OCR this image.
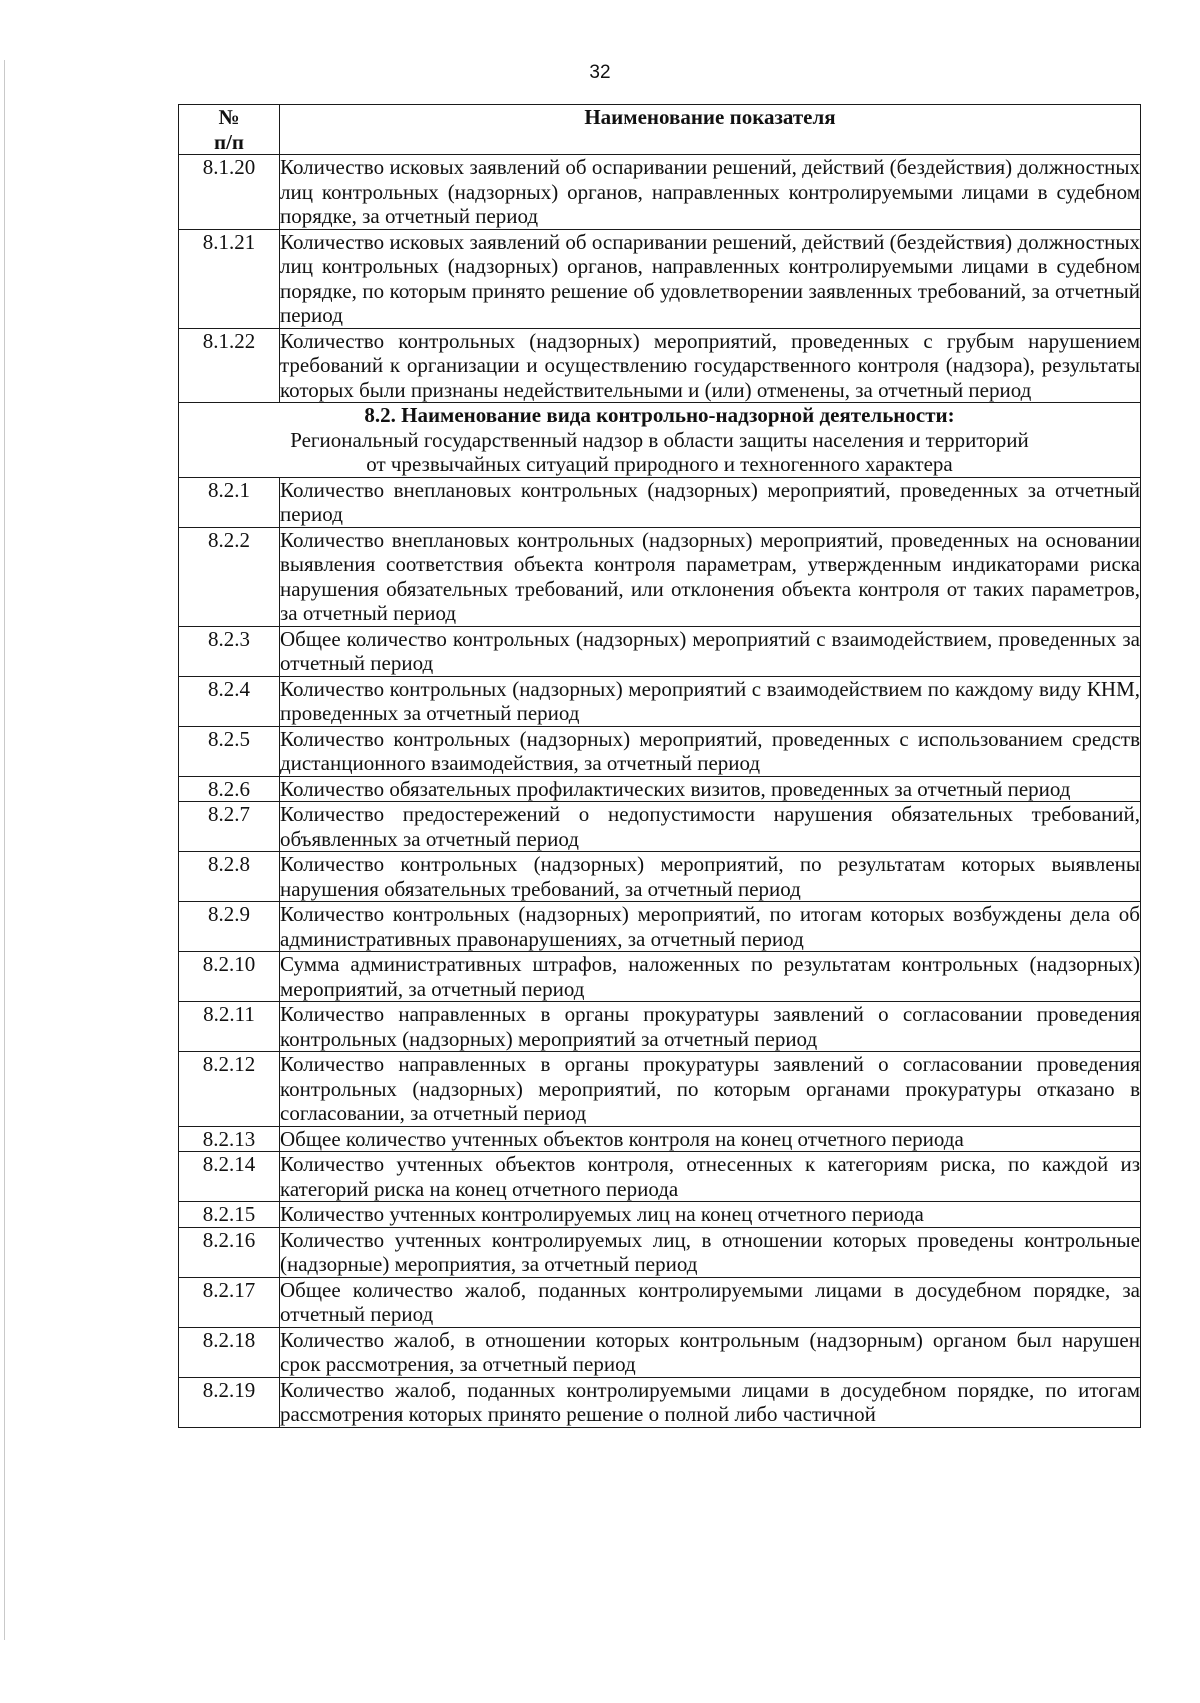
32
№
п/п	Наименование показателя
8.1.20	Количество исковых заявлений об оспаривании решений, действий (бездействия) должностных лиц контрольных (надзорных) органов, направленных контролируемыми лицами в судебном порядке, за отчетный период
8.1.21	Количество исковых заявлений об оспаривании решений, действий (бездействия) должностных лиц контрольных (надзорных) органов, направленных контролируемыми лицами в судебном порядке, по которым принято решение об удовлетворении заявленных требований, за отчетный период
8.1.22	Количество контрольных (надзорных) мероприятий, проведенных с грубым нарушением требований к организации и осуществлению государственного контроля (надзора), результаты которых были признаны недействительными и (или) отменены, за отчетный период

8.2. Наименование вида контрольно-надзорной деятельности:
Региональный государственный надзор в области защиты населения и территорий
от чрезвычайных ситуаций природного и техногенного характера	

8.2.1	Количество внеплановых контрольных (надзорных) мероприятий, проведенных за отчетный период
8.2.2	Количество внеплановых контрольных (надзорных) мероприятий, проведенных на основании выявления соответствия объекта контроля параметрам, утвержденным индикаторами риска нарушения обязательных требований, или отклонения объекта контроля от таких параметров, за отчетный период
8.2.3	Общее количество контрольных (надзорных) мероприятий с взаимодействием, проведенных за отчетный период
8.2.4	Количество контрольных (надзорных) мероприятий с взаимодействием по каждому виду КНМ, проведенных за отчетный период
8.2.5	Количество контрольных (надзорных) мероприятий, проведенных с использованием средств дистанционного взаимодействия, за отчетный период
8.2.6	Количество обязательных профилактических визитов, проведенных за отчетный период
8.2.7	Количество предостережений о недопустимости нарушения обязательных требований, объявленных за отчетный период
8.2.8	Количество контрольных (надзорных) мероприятий, по результатам которых выявлены нарушения обязательных требований, за отчетный период
8.2.9	Количество контрольных (надзорных) мероприятий, по итогам которых возбуждены дела об административных правонарушениях, за отчетный период
8.2.10	Сумма административных штрафов, наложенных по результатам контрольных (надзорных) мероприятий, за отчетный период
8.2.11	Количество направленных в органы прокуратуры заявлений о согласовании проведения контрольных (надзорных) мероприятий за отчетный период
8.2.12	Количество направленных в органы прокуратуры заявлений о согласовании проведения контрольных (надзорных) мероприятий, по которым органами прокуратуры отказано в согласовании, за отчетный период
8.2.13	Общее количество учтенных объектов контроля на конец отчетного периода
8.2.14	Количество учтенных объектов контроля, отнесенных к категориям риска, по каждой из категорий риска на конец отчетного периода
8.2.15	Количество учтенных контролируемых лиц на конец отчетного периода
8.2.16	Количество учтенных контролируемых лиц, в отношении которых проведены контрольные (надзорные) мероприятия, за отчетный период
8.2.17	Общее количество жалоб, поданных контролируемыми лицами в досудебном порядке, за отчетный период
8.2.18	Количество жалоб, в отношении которых контрольным (надзорным) органом был нарушен срок рассмотрения, за отчетный период
8.2.19	Количество жалоб, поданных контролируемыми лицами в досудебном порядке, по итогам рассмотрения которых принято решение о полной либо частичной
